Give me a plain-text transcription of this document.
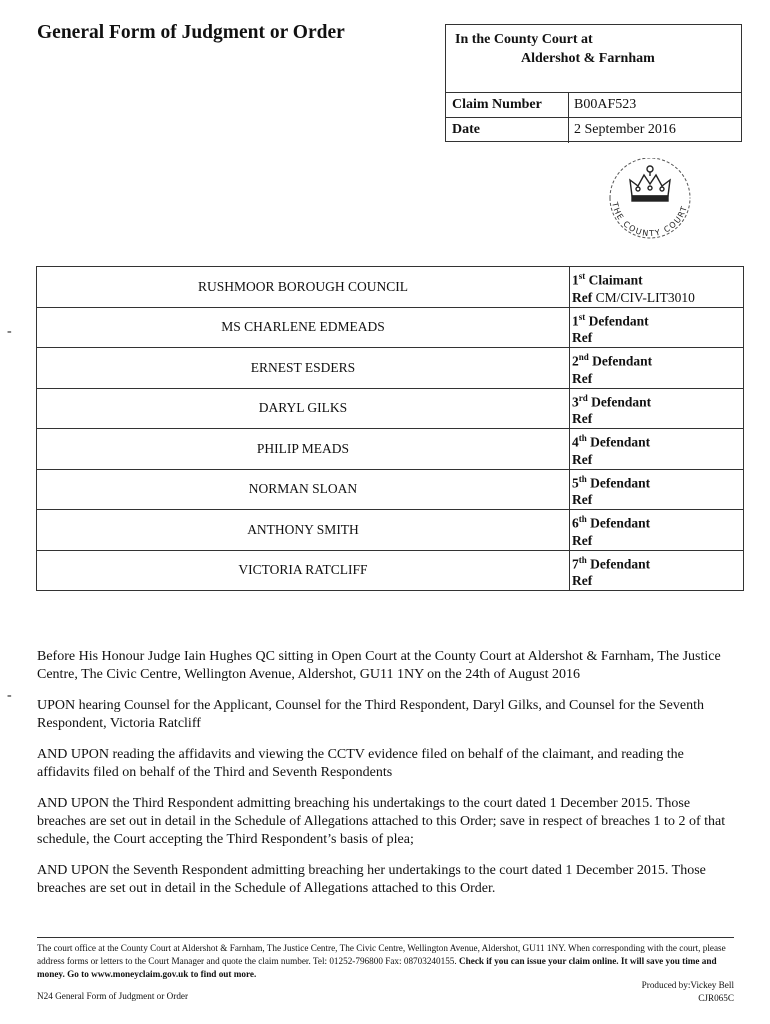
General Form of Judgment or Order	In the County Court at
Aldershot & Farnham
Claim Number	B00AF523
Date	2 September 2016
THE COUNTY COURT
RUSHMOOR BOROUGH COUNCIL	1st Claimant
Ref CM/CIV-LIT3010

MS CHARLENE EDMEADS	1st Defendant
Ref

ERNEST ESDERS	2nd Defendant
Ref

DARYL GILKS	3rd Defendant
Ref

PHILIP MEADS	4th Defendant
Ref

NORMAN SLOAN	5th Defendant
Ref

ANTHONY SMITH	6th Defendant
Ref

VICTORIA RATCLIFF	7th Defendant
Ref
-
-

Before His Honour Judge Iain Hughes QC sitting in Open Court at the County Court at Aldershot & Farnham, The Justice Centre, The Civic Centre, Wellington Avenue, Aldershot, GU11 1NY on the 24th of August 2016

UPON hearing Counsel for the Applicant, Counsel for the Third Respondent, Daryl Gilks, and Counsel for the Seventh Respondent, Victoria Ratcliff

AND UPON reading the affidavits and viewing the CCTV evidence filed on behalf of the claimant, and reading the affidavits filed on behalf of the Third and Seventh Respondents

AND UPON the Third Respondent admitting breaching his undertakings to the court dated 1 December 2015. Those breaches are set out in detail in the Schedule of Allegations attached to this Order; save in respect of breaches 1 to 2 of that schedule, the Court accepting the Third Respondent’s basis of plea;

AND UPON the Seventh Respondent admitting breaching her undertakings to the court dated 1 December 2015. Those breaches are set out in detail in the Schedule of Allegations attached to this Order.

The court office at the County Court at Aldershot & Farnham, The Justice Centre, The Civic Centre, Wellington Avenue, Aldershot, GU11 1NY. When corresponding with the court, please address forms or letters to the Court Manager and quote the claim number. Tel: 01252-796800 Fax: 08703240155. Check if you can issue your claim online. It will save you time and money. Go to www.moneyclaim.gov.uk to find out more.
N24 General Form of Judgment or Order
Produced by:Vickey Bell
CJR065C
